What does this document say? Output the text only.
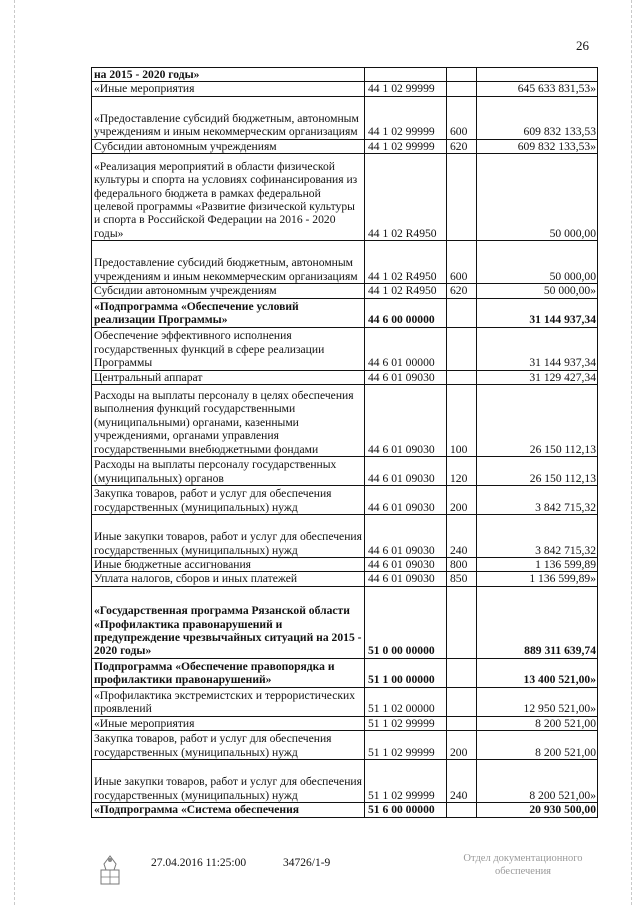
26
на 2015 - 2020 годы»			
«Иные мероприятия	44 1 02 99999		645 633 831,53»
«Предоставление субсидий бюджетным, автономным учреждениям и иным некоммерческим организациям	44 1 02 99999	600	609 832 133,53
Субсидии автономным учреждениям	44 1 02 99999	620	609 832 133,53»
«Реализация мероприятий в области физической культуры и спорта на условиях софинансирования из федерального бюджета в рамках федеральной целевой программы «Развитие физической культуры и спорта в Российской Федерации на 2016 - 2020 годы»	44 1 02 R4950		50 000,00
Предоставление субсидий бюджетным, автономным учреждениям и иным некоммерческим организациям	44 1 02 R4950	600	50 000,00
Субсидии автономным учреждениям	44 1 02 R4950	620	50 000,00»
«Подпрограмма «Обеспечение условий реализации Программы»	44 6 00 00000		31 144 937,34
Обеспечение эффективного исполнения государственных функций в сфере реализации Программы	44 6 01 00000		31 144 937,34
Центральный аппарат	44 6 01 09030		31 129 427,34
Расходы на выплаты персоналу в целях обеспечения выполнения функций государственными (муниципальными) органами, казенными учреждениями, органами управления государственными внебюджетными фондами	44 6 01 09030	100	26 150 112,13
Расходы на выплаты персоналу государственных (муниципальных) органов	44 6 01 09030	120	26 150 112,13
Закупка товаров, работ и услуг для обеспечения государственных (муниципальных) нужд	44 6 01 09030	200	3 842 715,32
Иные закупки товаров, работ и услуг для обеспечения государственных (муниципальных) нужд	44 6 01 09030	240	3 842 715,32
Иные бюджетные ассигнования	44 6 01 09030	800	1 136 599,89
Уплата налогов, сборов и иных платежей	44 6 01 09030	850	1 136 599,89»
«Государственная программа Рязанской области «Профилактика правонарушений и предупреждение чрезвычайных ситуаций на 2015 - 2020 годы»	51 0 00 00000		889 311 639,74
Подпрограмма «Обеспечение правопорядка и профилактики правонарушений»	51 1 00 00000		13 400 521,00»
«Профилактика экстремистских и террористических проявлений	51 1 02 00000		12 950 521,00»
«Иные мероприятия	51 1 02 99999		8 200 521,00
Закупка товаров, работ и услуг для обеспечения государственных (муниципальных) нужд	51 1 02 99999	200	8 200 521,00
Иные закупки товаров, работ и услуг для обеспечения государственных (муниципальных) нужд	51 1 02 99999	240	8 200 521,00»
«Подпрограмма «Система обеспечения	51 6 00 00000		20 930 500,00
27.04.2016 11:25:00	34726/1-9	Отдел документационного обеспечения
